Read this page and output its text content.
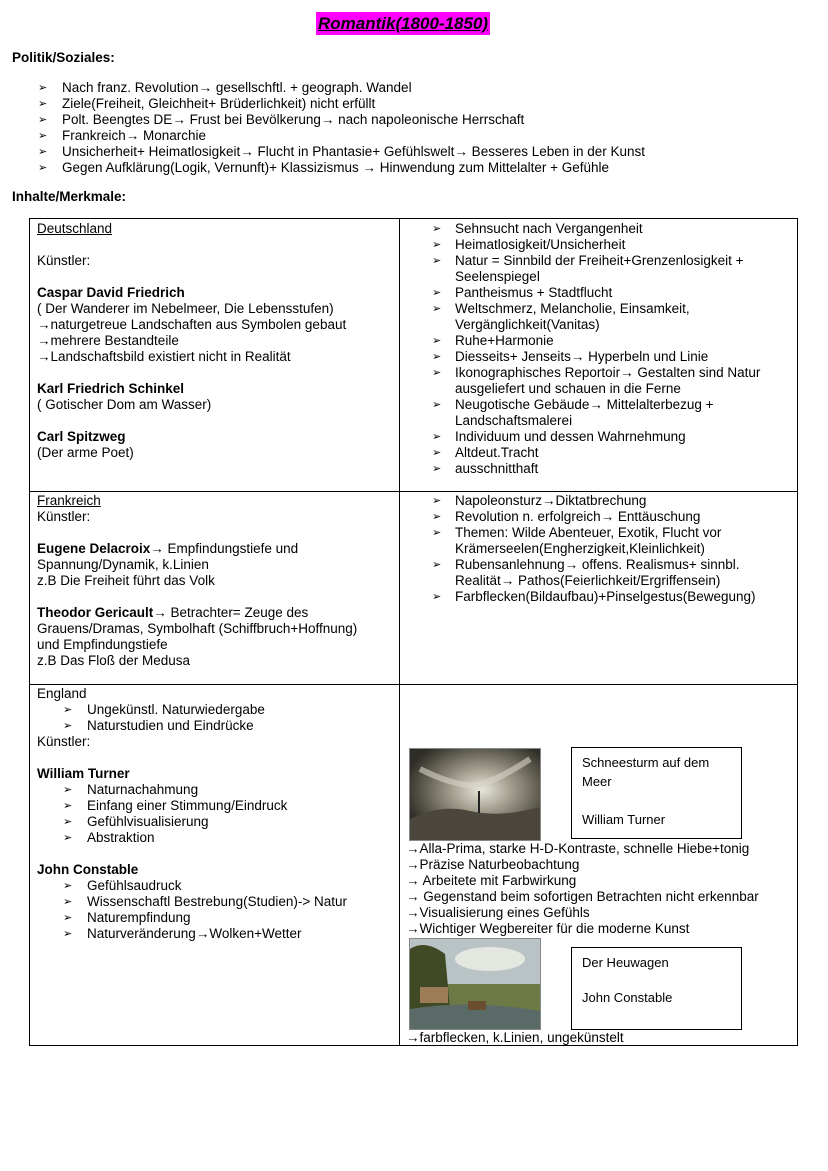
Romantik(1800-1850)
Politik/Soziales:
➢ Nach franz. Revolution→ gesellschftl. + geograph. Wandel
➢ Ziele(Freiheit, Gleichheit+ Brüderlichkeit) nicht erfüllt
➢ Polt. Beengtes DE→ Frust bei Bevölkerung→ nach napoleonische Herrschaft
➢ Frankreich→ Monarchie
➢ Unsicherheit+ Heimatlosigkeit→ Flucht in Phantasie+ Gefühlswelt→ Besseres Leben in der Kunst
➢ Gegen Aufklärung(Logik, Vernunft)+ Klassizismus → Hinwendung zum Mittelalter + Gefühle
Inhalte/Merkmale:
Deutschland
Künstler:
Caspar David Friedrich
( Der Wanderer im Nebelmeer, Die Lebensstufen)
→naturgetreue Landschaften aus Symbolen gebaut
→mehrere Bestandteile
→Landschaftsbild existiert nicht in Realität
Karl Friedrich Schinkel
( Gotischer Dom am Wasser)
Carl Spitzweg
(Der arme Poet)
➢ Sehnsucht nach Vergangenheit
➢ Heimatlosigkeit/Unsicherheit
➢ Natur = Sinnbild der Freiheit+Grenzenlosigkeit + Seelenspiegel
➢ Pantheismus + Stadtflucht
➢ Weltschmerz, Melancholie, Einsamkeit, Vergänglichkeit(Vanitas)
➢ Ruhe+Harmonie
➢ Diesseits+ Jenseits→ Hyperbeln und Linie
➢ Ikonographisches Reportoir→ Gestalten sind Natur ausgeliefert und schauen in die Ferne
➢ Neugotische Gebäude→ Mittelalterbezug + Landschaftsmalerei
➢ Individuum und dessen Wahrnehmung
➢ Altdeut.Tracht
➢ ausschnitthaft
Frankreich
Künstler:
Eugene Delacroix→ Empfindungstiefe und
Spannung/Dynamik, k.Linien
z.B Die Freiheit führt das Volk
Theodor Gericault→ Betrachter= Zeuge des
Grauens/Dramas, Symbolhaft (Schiffbruch+Hoffnung)
und Empfindungstiefe
z.B Das Floß der Medusa
➢ Napoleonsturz→Diktatbrechung
➢ Revolution n. erfolgreich→ Enttäuschung
➢ Themen: Wilde Abenteuer, Exotik, Flucht vor Krämerseelen(Engherzigkeit,Kleinlichkeit)
➢ Rubensanlehnung→ offens. Realismus+ sinnbl. Realität→ Pathos(Feierlichkeit/Ergriffensein)
➢ Farbflecken(Bildaufbau)+Pinselgestus(Bewegung)
England
➢ Ungekünstl. Naturwiedergabe
➢ Naturstudien und Eindrücke
Künstler:
William Turner
➢ Naturnachahmung
➢ Einfang einer Stimmung/Eindruck
➢ Gefühlvisualisierung
➢ Abstraktion
John Constable
➢ Gefühlsaudruck
➢ Wissenschaftl Bestrebung(Studien)-> Natur
➢ Naturempfindung
➢ Naturveränderung→Wolken+Wetter
Schneesturm auf dem
Meer
William Turner
→Alla-Prima, starke H-D-Kontraste, schnelle Hiebe+tonig
→Präzise Naturbeobachtung
→ Arbeitete mit Farbwirkung
→ Gegenstand beim sofortigen Betrachten nicht erkennbar
→Visualisierung eines Gefühls
→Wichtiger Wegbereiter für die moderne Kunst
Der Heuwagen
John Constable
→farbflecken, k.Linien, ungekünstelt
